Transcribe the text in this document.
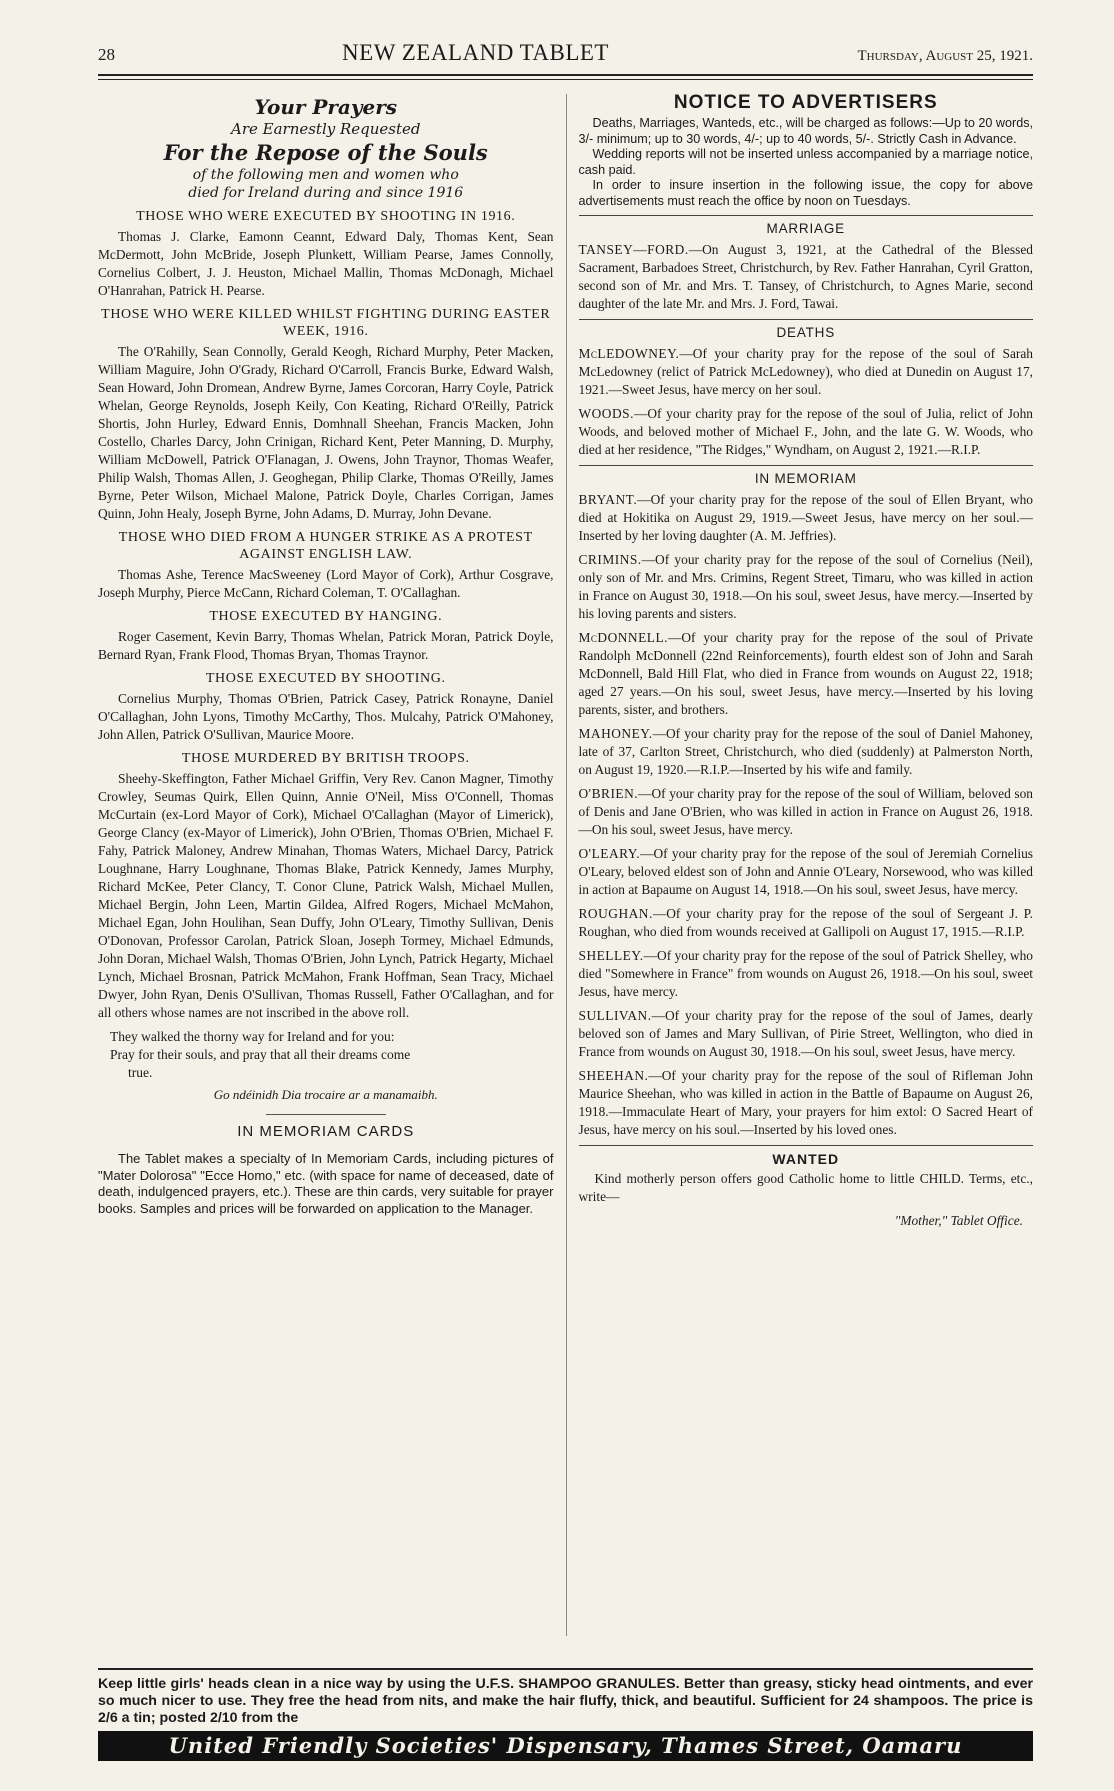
28	NEW ZEALAND TABLET	Thursday, August 25, 1921.
Your Prayers
Are Earnestly Requested
For the Repose of the Souls
of the following men and women who
died for Ireland during and since 1916
THOSE WHO WERE EXECUTED BY SHOOTING IN 1916.

Thomas J. Clarke, Eamonn Ceannt, Edward Daly, Thomas Kent, Sean McDermott, John McBride, Joseph Plunkett, William Pearse, James Connolly, Cornelius Colbert, J. J. Heuston, Michael Mallin, Thomas McDonagh, Michael O'Hanrahan, Patrick H. Pearse.

THOSE WHO WERE KILLED WHILST FIGHTING DURING EASTER WEEK, 1916.

The O'Rahilly, Sean Connolly, Gerald Keogh, Richard Murphy, Peter Macken, William Maguire, John O'Grady, Richard O'Carroll, Francis Burke, Edward Walsh, Sean Howard, John Dromean, Andrew Byrne, James Corcoran, Harry Coyle, Patrick Whelan, George Reynolds, Joseph Keily, Con Keating, Richard O'Reilly, Patrick Shortis, John Hurley, Edward Ennis, Domhnall Sheehan, Francis Macken, John Costello, Charles Darcy, John Crinigan, Richard Kent, Peter Manning, D. Murphy, William McDowell, Patrick O'Flanagan, J. Owens, John Traynor, Thomas Weafer, Philip Walsh, Thomas Allen, J. Geoghegan, Philip Clarke, Thomas O'Reilly, James Byrne, Peter Wilson, Michael Malone, Patrick Doyle, Charles Corrigan, James Quinn, John Healy, Joseph Byrne, John Adams, D. Murray, John Devane.

THOSE WHO DIED FROM A HUNGER STRIKE AS A PROTEST AGAINST ENGLISH LAW.

Thomas Ashe, Terence MacSweeney (Lord Mayor of Cork), Arthur Cosgrave, Joseph Murphy, Pierce McCann, Richard Coleman, T. O'Callaghan.

THOSE EXECUTED BY HANGING.

Roger Casement, Kevin Barry, Thomas Whelan, Patrick Moran, Patrick Doyle, Bernard Ryan, Frank Flood, Thomas Bryan, Thomas Traynor.

THOSE EXECUTED BY SHOOTING.

Cornelius Murphy, Thomas O'Brien, Patrick Casey, Patrick Ronayne, Daniel O'Callaghan, John Lyons, Timothy McCarthy, Thos. Mulcahy, Patrick O'Mahoney, John Allen, Patrick O'Sullivan, Maurice Moore.

THOSE MURDERED BY BRITISH TROOPS.

Sheehy-Skeffington, Father Michael Griffin, Very Rev. Canon Magner, Timothy Crowley, Seumas Quirk, Ellen Quinn, Annie O'Neil, Miss O'Connell, Thomas McCurtain (ex-Lord Mayor of Cork), Michael O'Callaghan (Mayor of Limerick), George Clancy (ex-Mayor of Limerick), John O'Brien, Thomas O'Brien, Michael F. Fahy, Patrick Maloney, Andrew Minahan, Thomas Waters, Michael Darcy, Patrick Loughnane, Harry Loughnane, Thomas Blake, Patrick Kennedy, James Murphy, Richard McKee, Peter Clancy, T. Conor Clune, Patrick Walsh, Michael Mullen, Michael Bergin, John Leen, Martin Gildea, Alfred Rogers, Michael McMahon, Michael Egan, John Houlihan, Sean Duffy, John O'Leary, Timothy Sullivan, Denis O'Donovan, Professor Carolan, Patrick Sloan, Joseph Tormey, Michael Edmunds, John Doran, Michael Walsh, Thomas O'Brien, John Lynch, Patrick Hegarty, Michael Lynch, Michael Brosnan, Patrick McMahon, Frank Hoffman, Sean Tracy, Michael Dwyer, John Ryan, Denis O'Sullivan, Thomas Russell, Father O'Callaghan, and for all others whose names are not inscribed in the above roll.

They walked the thorny way for Ireland and for you:
Pray for their souls, and pray that all their dreams come
true.
Go ndéinidh Dia trocaire ar a manamaibh.
IN MEMORIAM CARDS

The Tablet makes a specialty of In Memoriam Cards, including pictures of "Mater Dolorosa" "Ecce Homo," etc. (with space for name of deceased, date of death, indulgenced prayers, etc.). These are thin cards, very suitable for prayer books. Samples and prices will be forwarded on application to the Manager.

NOTICE TO ADVERTISERS

Deaths, Marriages, Wanteds, etc., will be charged as follows:—Up to 20 words, 3/- minimum; up to 30 words, 4/-; up to 40 words, 5/-. Strictly Cash in Advance.

Wedding reports will not be inserted unless accompanied by a marriage notice, cash paid.

In order to insure insertion in the following issue, the copy for above advertisements must reach the office by noon on Tuesdays.

MARRIAGE

TANSEY—FORD.—On August 3, 1921, at the Cathedral of the Blessed Sacrament, Barbadoes Street, Christchurch, by Rev. Father Hanrahan, Cyril Gratton, second son of Mr. and Mrs. T. Tansey, of Christchurch, to Agnes Marie, second daughter of the late Mr. and Mrs. J. Ford, Tawai.

DEATHS

McLEDOWNEY.—Of your charity pray for the repose of the soul of Sarah McLedowney (relict of Patrick McLedowney), who died at Dunedin on August 17, 1921.—Sweet Jesus, have mercy on her soul.

WOODS.—Of your charity pray for the repose of the soul of Julia, relict of John Woods, and beloved mother of Michael F., John, and the late G. W. Woods, who died at her residence, "The Ridges," Wyndham, on August 2, 1921.—R.I.P.

IN MEMORIAM

BRYANT.—Of your charity pray for the repose of the soul of Ellen Bryant, who died at Hokitika on August 29, 1919.—Sweet Jesus, have mercy on her soul.—Inserted by her loving daughter (A. M. Jeffries).

CRIMINS.—Of your charity pray for the repose of the soul of Cornelius (Neil), only son of Mr. and Mrs. Crimins, Regent Street, Timaru, who was killed in action in France on August 30, 1918.—On his soul, sweet Jesus, have mercy.—Inserted by his loving parents and sisters.

McDONNELL.—Of your charity pray for the repose of the soul of Private Randolph McDonnell (22nd Reinforcements), fourth eldest son of John and Sarah McDonnell, Bald Hill Flat, who died in France from wounds on August 22, 1918; aged 27 years.—On his soul, sweet Jesus, have mercy.—Inserted by his loving parents, sister, and brothers.

MAHONEY.—Of your charity pray for the repose of the soul of Daniel Mahoney, late of 37, Carlton Street, Christchurch, who died (suddenly) at Palmerston North, on August 19, 1920.—R.I.P.—Inserted by his wife and family.

O'BRIEN.—Of your charity pray for the repose of the soul of William, beloved son of Denis and Jane O'Brien, who was killed in action in France on August 26, 1918.—On his soul, sweet Jesus, have mercy.

O'LEARY.—Of your charity pray for the repose of the soul of Jeremiah Cornelius O'Leary, beloved eldest son of John and Annie O'Leary, Norsewood, who was killed in action at Bapaume on August 14, 1918.—On his soul, sweet Jesus, have mercy.

ROUGHAN.—Of your charity pray for the repose of the soul of Sergeant J. P. Roughan, who died from wounds received at Gallipoli on August 17, 1915.—R.I.P.

SHELLEY.—Of your charity pray for the repose of the soul of Patrick Shelley, who died "Somewhere in France" from wounds on August 26, 1918.—On his soul, sweet Jesus, have mercy.

SULLIVAN.—Of your charity pray for the repose of the soul of James, dearly beloved son of James and Mary Sullivan, of Pirie Street, Wellington, who died in France from wounds on August 30, 1918.—On his soul, sweet Jesus, have mercy.

SHEEHAN.—Of your charity pray for the repose of the soul of Rifleman John Maurice Sheehan, who was killed in action in the Battle of Bapaume on August 26, 1918.—Immaculate Heart of Mary, your prayers for him extol: O Sacred Heart of Jesus, have mercy on his soul.—Inserted by his loved ones.

WANTED

Kind motherly person offers good Catholic home to little CHILD. Terms, etc., write—

"Mother," Tablet Office.

Keep little girls' heads clean in a nice way by using the U.F.S. SHAMPOO GRANULES. Better than greasy, sticky head ointments, and ever so much nicer to use. They free the head from nits, and make the hair fluffy, thick, and beautiful. Sufficient for 24 shampoos. The price is 2/6 a tin; posted 2/10 from the

United Friendly Societies' Dispensary, Thames Street, Oamaru
